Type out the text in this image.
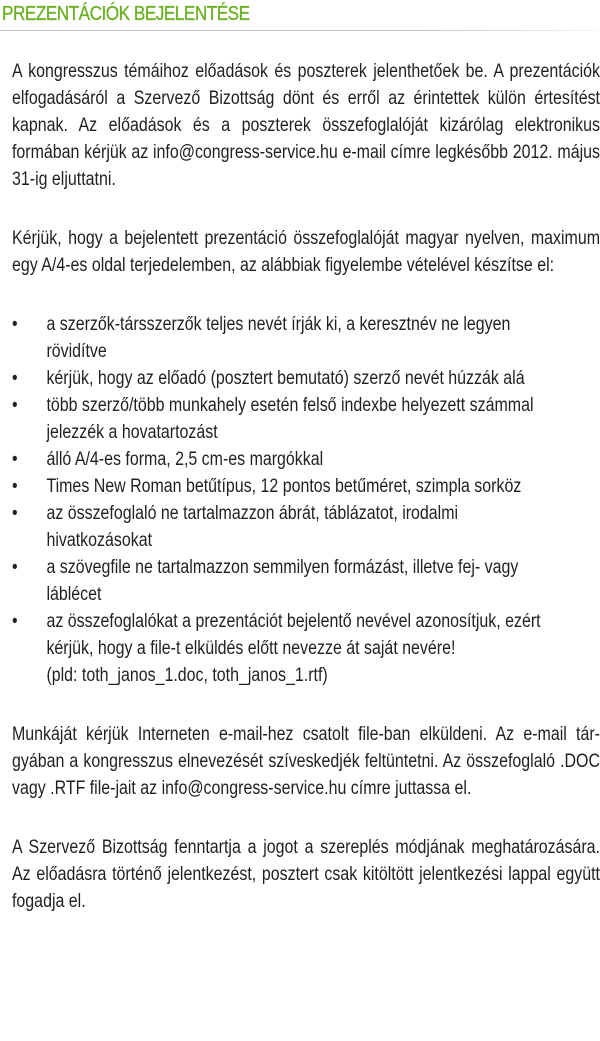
PREZENTÁCIÓK BEJELENTÉSE

A kongresszus témáihoz előadások és poszterek jelenthetőek be. A prezentációk elfogadásáról a Szervező Bizottság dönt és erről az érintettek külön értesítést kapnak. Az előadások és a poszterek összefoglalóját kizárólag elektronikus formában kérjük az info@congress-service.hu e-mail címre legkésőbb 2012. május 31-ig eljuttatni.

Kérjük, hogy a bejelentett prezentáció összefoglalóját magyar nyelven, maximum egy A/4-es oldal terjedelemben, az alábbiak figyelembe vételével készítse el:

• a szerzők-társszerzők teljes nevét írják ki, a keresztnév ne legyen
rövidítve
• kérjük, hogy az előadó (posztert bemutató) szerző nevét húzzák alá
• több szerző/több munkahely esetén felső indexbe helyezett számmal
jelezzék a hovatartozást
• álló A/4-es forma, 2,5 cm-es margókkal
• Times New Roman betűtípus, 12 pontos betűméret, szimpla sorköz
• az összefoglaló ne tartalmazzon ábrát, táblázatot, irodalmi hivatkozásokat
• a szövegfile ne tartalmazzon semmilyen formázást, illetve fej- vagy láblécet
• az összefoglalókat a prezentációt bejelentő nevével azonosítjuk, ezért
kérjük, hogy a file-t elküldés előtt nevezze át saját nevére!
(pld: toth_janos_1.doc, toth_janos_1.rtf)

Munkáját kérjük Interneten e-mail-hez csatolt file-ban elküldeni. Az e-mail tárgyában a kongresszus elnevezését szíveskedjék feltüntetni. Az összefoglaló .DOC vagy .RTF file-jait az info@congress-service.hu címre juttassa el.

A Szervező Bizottság fenntartja a jogot a szereplés módjának meghatározására. Az előadásra történő jelentkezést, posztert csak kitöltött jelentkezési lappal együtt fogadja el.
